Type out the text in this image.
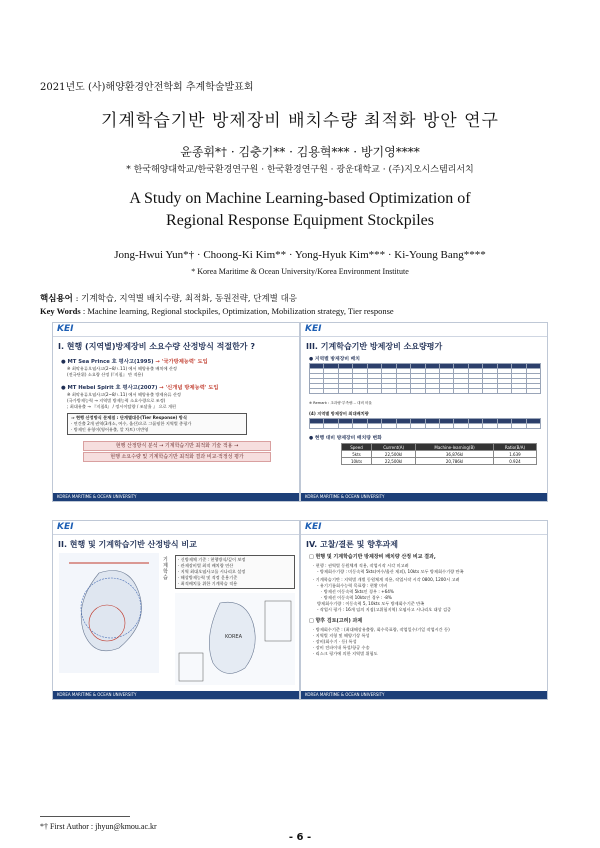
2021년도 (사)해양환경안전학회 추계학술발표회
기계학습기반 방제장비 배치수량 최적화 방안 연구
윤종휘*† · 김충기** · 김용혁*** · 방기영****
* 한국해양대학교/한국환경연구원 · 한국환경연구원 · 광운대학교 · (주)지오시스템리서치
A Study on Machine Learning-based Optimization of
Regional Response Equipment Stockpiles
Jong-Hwui Yun*† · Choong-Ki Kim** · Yong-Hyuk Kim*** · Ki-Young Bang****
* Korea Maritime & Ocean University/Korea Environment Institute
핵심용어 : 기계학습, 지역별 배치수량, 최적화, 동원전략, 단계별 대응
Key Words : Machine learning, Regional stockpiles, Optimization, Mobilization strategy, Tier response
KEI
I. 현행 (지역별)방제장비 소요수량 산정방식 적절한가 ?
● MT Sea Prince 호 평사고(1995) → '국가방제능력' 도입
※ 최악유류오염사고(2~8/ㄴ11) 에서 해양유출 배치에 산정
(전국단위) 소요량 산정 (『지침』 만 적용)
● MT Hebei Spirit 호 평사고(2007) → '신개념 방제능력' 도입
※ 최악유류오염사고(2~8/ㄴ11) 에서 해양유출 방제유류 산정
(국가방제능력 → 지역별 방제능력 소요수량으로 조정)
; 최대유출 → 『지침4』 / 정시이탈량 / 조달율 』 으로 개편
⇒ 현행 산정방식 문제점 : 단계별대응(Tier Response) 방식
· 연간출 2개 권역(3개소, 여수, 울산)으로 그룹핑한 지역별 총평가
· 방제인 유형이(영어유출, 알 차트) 미반영
현행 산정방식 분석 → 기계학습기반 최적화 기술 적용 →
현행 소요수량 및 기계학습기반 최적화 결과 비교·적정성 평가
KOREA MARITIME & OCEAN UNIVERSITY
KEI
III. 기계학습기반 방제장비 소요량평가
● 지역별 방제장비 배치

※ Remark : 초과량·부족량... 대비 비율
(4) 지역별 방제장비 최대배치량

● 현행 대비 방제장비 배치량 변화
Speed	Current(A)	Machine-learning(B)	Ratio(B/A)
5kts	22,500kl	36,876kl	1.639
10kts	22,500kl	20,786kl	0.924
KOREA MARITIME & OCEAN UNIVERSITY
KEI
II. 현행 및 기계학습기반 산정방식 비교
기계학습
· 신방제체 기준 : 현행방식/깊이 보정
· 관제장비별 최적 배치량 연산
· 지역 최대오염사고를 시나리오 설정
· 해상방제능력 및 적정 운용기준
· 최적배치를 위한 기계학습 적용
KOREA
KOREA MARITIME & OCEAN UNIVERSITY
KEI
IV. 고찰/결론 및 향후과제
□ 현행 및 기계학습기반 방제장비 배치량 산정 비교 결과,
· 현행 : 권역별 동원체계 적용, 작업시작 시각 미고려
- 방제회수기량 : 미동속력 5kts(여수/울산 제외), 10kts 모두 방제회수기량 만족
· 기계학습기반 : 지역별 개별 동원체계 적용, 작업시작 시각 0800, 1200시 고려
- 유기기름회수능력 목표량 : 현황 미비
· 방제선 이동속력 5kts인 경우 : +64%
· 방제선 이동속력 10kts인 경우 : -8%
방제회수기량 : 이동속력 5, 10kts 모두 방제회수기준 만족
- 작업시 평가 : 16개 임의 지점(고위험지역) 오염사고 시나리오 대상 검증
□ 향후 검토(고려) 과제
· 방제회수기준 : (최대해상유출량, 회수목표량, 작업일수/기일 작업시간 등)
· 지역별 지형 및 해양기상 특성
· 장비(회수기 · 등) 특성
· 장비 전파이내 특성/항공 수송
· 리스크 평가에 의한 지역별 위험도
KOREA MARITIME & OCEAN UNIVERSITY
*† First Author : jhyun@kmou.ac.kr
- 6 -
